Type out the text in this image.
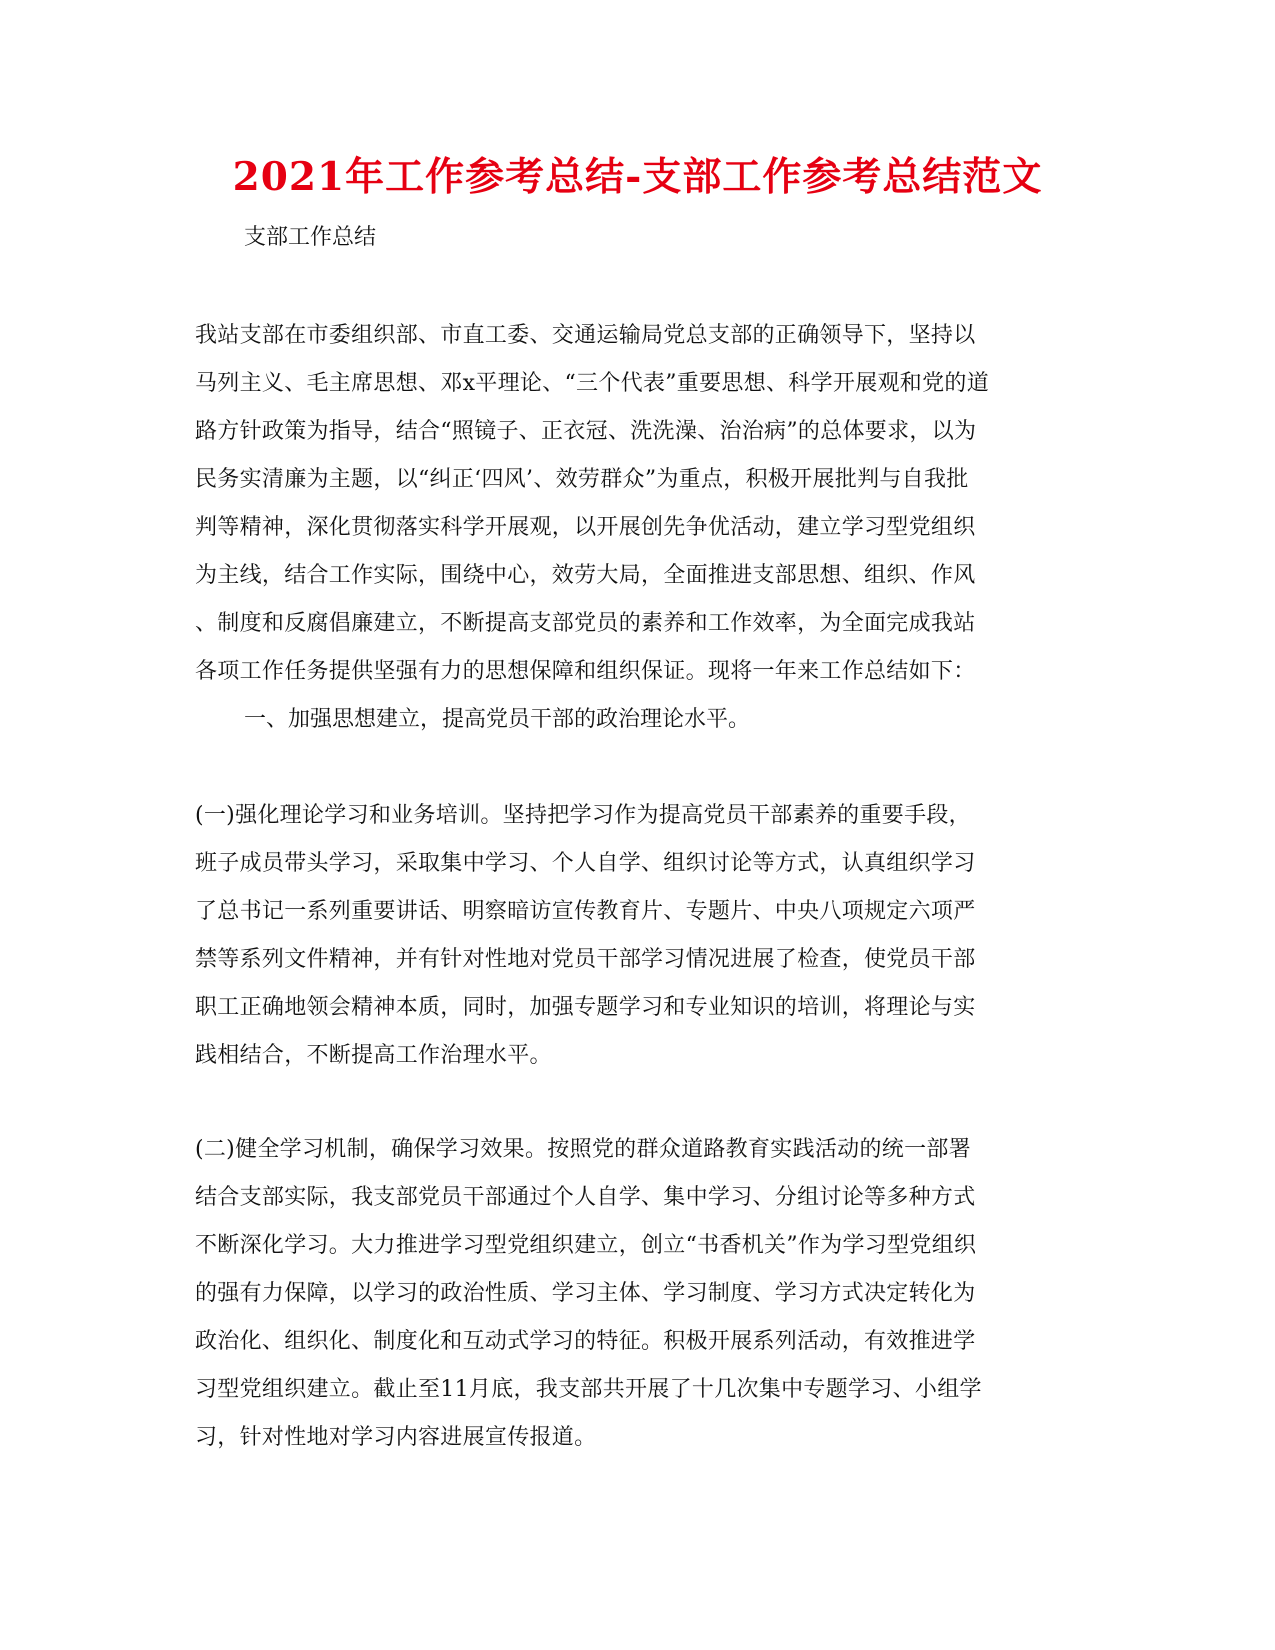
2021年工作参考总结-支部工作参考总结范文
支部工作总结
我站支部在市委组织部、市直工委、交通运输局党总支部的正确领导下，坚持以
马列主义、毛主席思想、邓x平理论、“三个代表”重要思想、科学开展观和党的道
路方针政策为指导，结合“照镜子、正衣冠、洗洗澡、治治病”的总体要求，以为
民务实清廉为主题，以“纠正‘四风’、效劳群众”为重点，积极开展批判与自我批
判等精神，深化贯彻落实科学开展观，以开展创先争优活动，建立学习型党组织
为主线，结合工作实际，围绕中心，效劳大局，全面推进支部思想、组织、作风
、制度和反腐倡廉建立，不断提高支部党员的素养和工作效率，为全面完成我站
各项工作任务提供坚强有力的思想保障和组织保证。现将一年来工作总结如下：
一、加强思想建立，提高党员干部的政治理论水平。
(一)强化理论学习和业务培训。坚持把学习作为提高党员干部素养的重要手段，
班子成员带头学习，采取集中学习、个人自学、组织讨论等方式，认真组织学习
了总书记一系列重要讲话、明察暗访宣传教育片、专题片、中央八项规定六项严
禁等系列文件精神，并有针对性地对党员干部学习情况进展了检查，使党员干部
职工正确地领会精神本质，同时，加强专题学习和专业知识的培训，将理论与实
践相结合，不断提高工作治理水平。
(二)健全学习机制，确保学习效果。按照党的群众道路教育实践活动的统一部署
结合支部实际，我支部党员干部通过个人自学、集中学习、分组讨论等多种方式
不断深化学习。大力推进学习型党组织建立，创立“书香机关”作为学习型党组织
的强有力保障，以学习的政治性质、学习主体、学习制度、学习方式决定转化为
政治化、组织化、制度化和互动式学习的特征。积极开展系列活动，有效推进学
习型党组织建立。截止至11月底，我支部共开展了十几次集中专题学习、小组学
习，针对性地对学习内容进展宣传报道。
